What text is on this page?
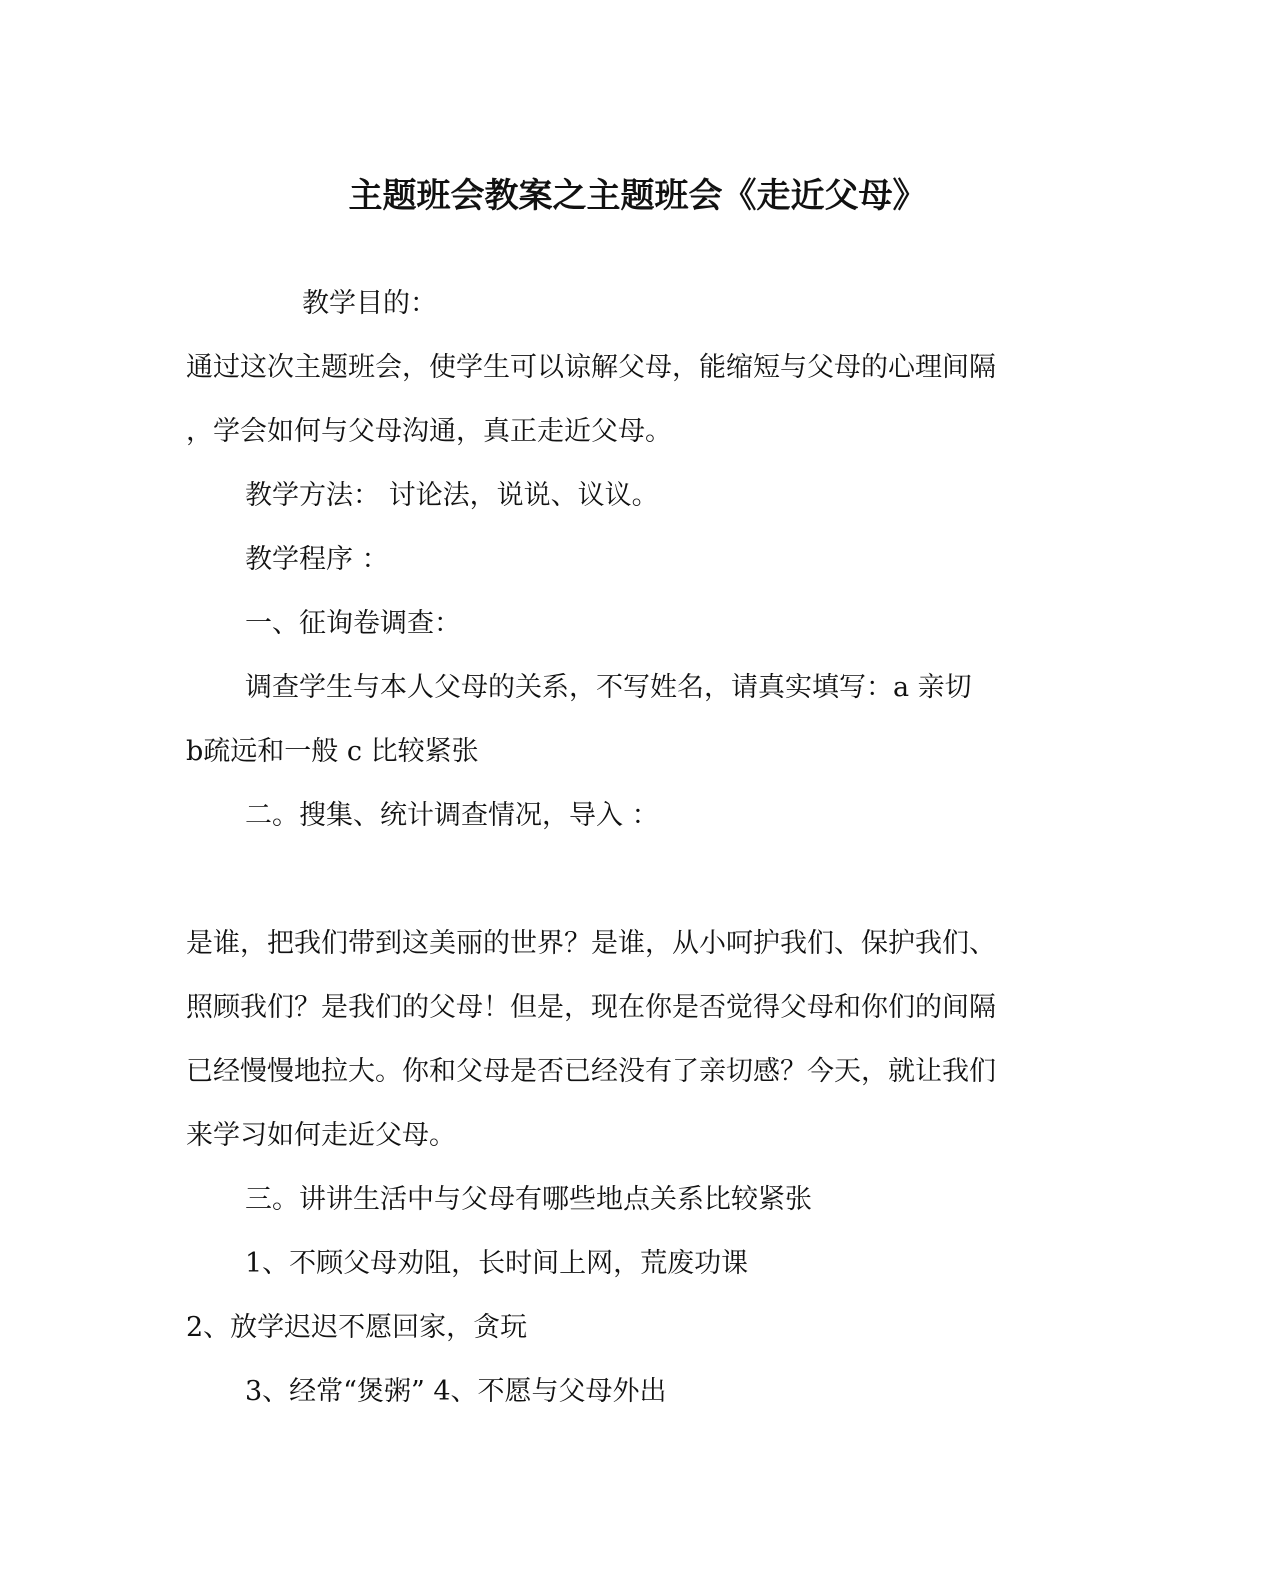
主题班会教案之主题班会《走近父母》
教学目的：
通过这次主题班会，使学生可以谅解父母，能缩短与父母的心理间隔
，学会如何与父母沟通，真正走近父母。
教学方法： 讨论法，说说、议议。
教学程序 ：
一、征询卷调查：
调查学生与本人父母的关系，不写姓名，请真实填写：a 亲切
b疏远和一般 c 比较紧张
二。搜集、统计调查情况，导入 ：
是谁，把我们带到这美丽的世界？是谁，从小呵护我们、保护我们、
照顾我们？是我们的父母！但是，现在你是否觉得父母和你们的间隔
已经慢慢地拉大。你和父母是否已经没有了亲切感？今天，就让我们
来学习如何走近父母。
三。讲讲生活中与父母有哪些地点关系比较紧张
1、不顾父母劝阻，长时间上网，荒废功课
2、放学迟迟不愿回家，贪玩
3、经常“煲粥” 4、不愿与父母外出
